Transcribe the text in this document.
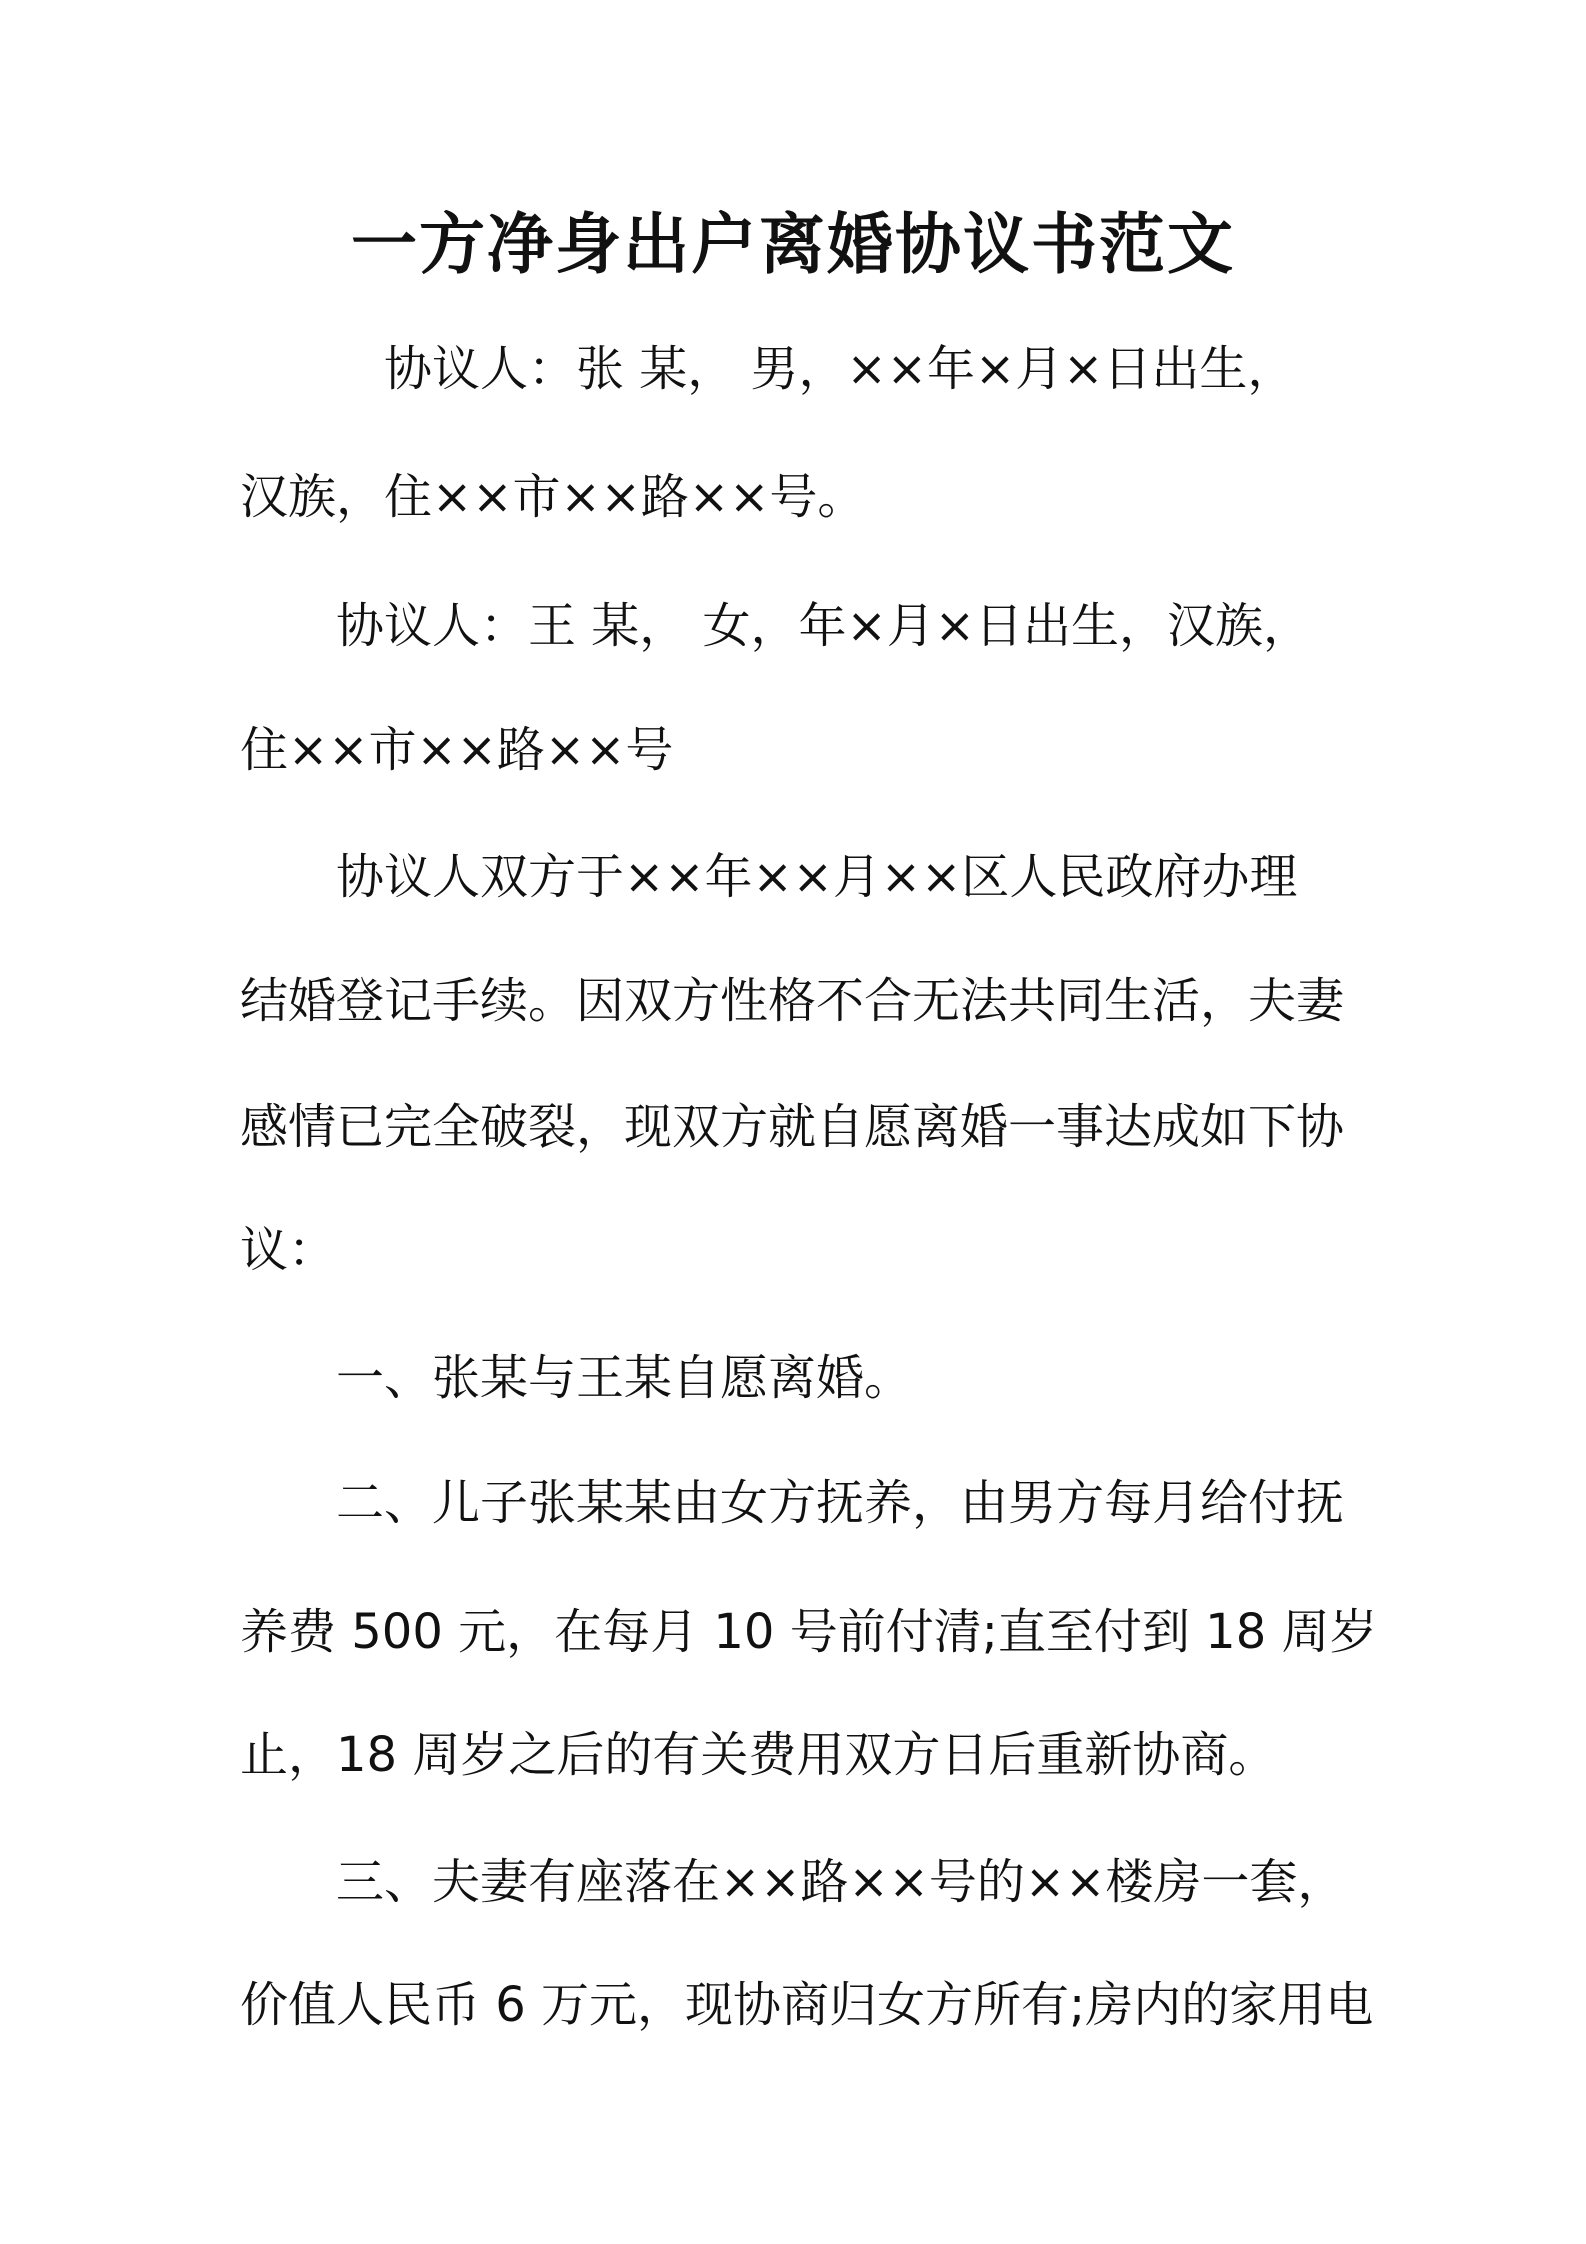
一方净身出户离婚协议书范文

协议人：张 某， 男，××年×月×日出生，

汉族，住××市××路××号。

协议人：王 某， 女，年×月×日出生，汉族，

住××市××路××号

协议人双方于××年××月××区人民政府办理

结婚登记手续。因双方性格不合无法共同生活，夫妻

感情已完全破裂，现双方就自愿离婚一事达成如下协

议：

一、张某与王某自愿离婚。

二、儿子张某某由女方抚养，由男方每月给付抚

养费 500 元，在每月 10 号前付清;直至付到 18 周岁

止，18 周岁之后的有关费用双方日后重新协商。

三、夫妻有座落在××路××号的××楼房一套，

价值人民币 6 万元，现协商归女方所有;房内的家用电
